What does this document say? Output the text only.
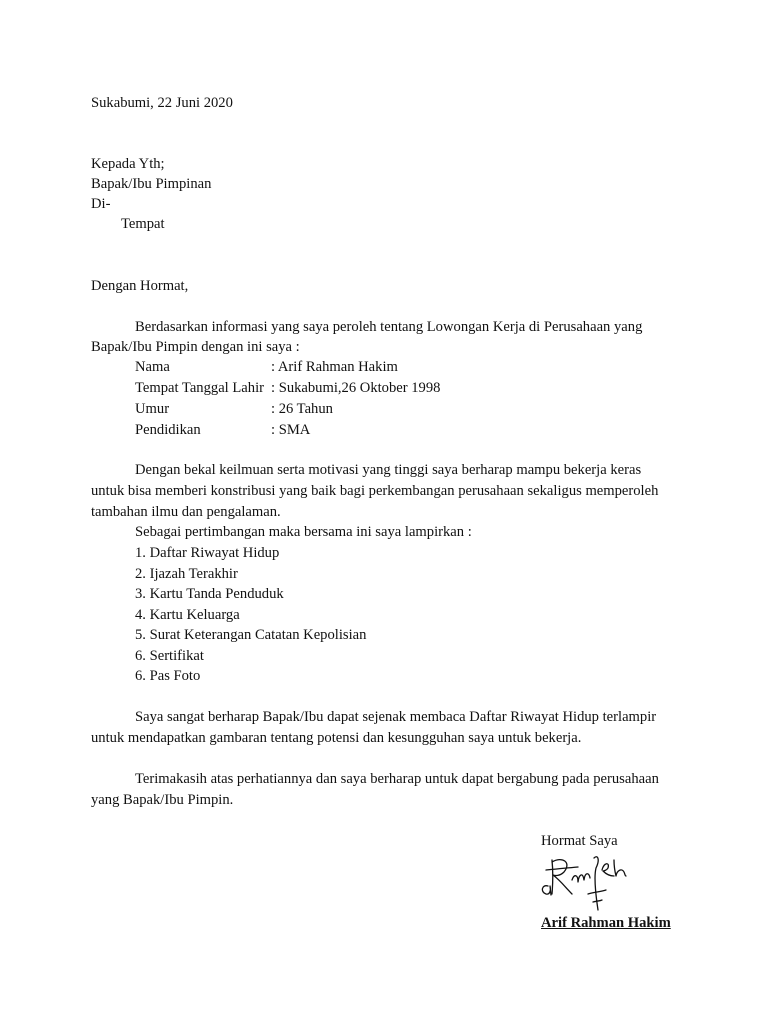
Sukabumi, 22 Juni 2020
Kepada Yth;
Bapak/Ibu Pimpinan
Di-
Tempat
Dengan Hormat,
Berdasarkan informasi yang saya peroleh tentang Lowongan Kerja di Perusahaan yang
Bapak/Ibu Pimpin dengan ini saya :
Nama	: Arif Rahman Hakim
Tempat Tanggal Lahir : Sukabumi,26 Oktober 1998
Umur	: 26 Tahun
Pendidikan	: SMA
Dengan bekal keilmuan serta motivasi yang tinggi saya berharap mampu bekerja keras
untuk bisa memberi konstribusi yang baik bagi perkembangan perusahaan sekaligus memperoleh
tambahan ilmu dan pengalaman.
Sebagai pertimbangan maka bersama ini saya lampirkan :
1. Daftar Riwayat Hidup
2. Ijazah Terakhir
3. Kartu Tanda Penduduk
4. Kartu Keluarga
5. Surat Keterangan Catatan Kepolisian
6. Sertifikat
6. Pas Foto
Saya sangat berharap Bapak/Ibu dapat sejenak membaca Daftar Riwayat Hidup terlampir
untuk mendapatkan gambaran tentang potensi dan kesungguhan saya untuk bekerja.
Terimakasih atas perhatiannya dan saya berharap untuk dapat bergabung pada perusahaan
yang Bapak/Ibu Pimpin.
Hormat Saya
Arif Rahman Hakim
